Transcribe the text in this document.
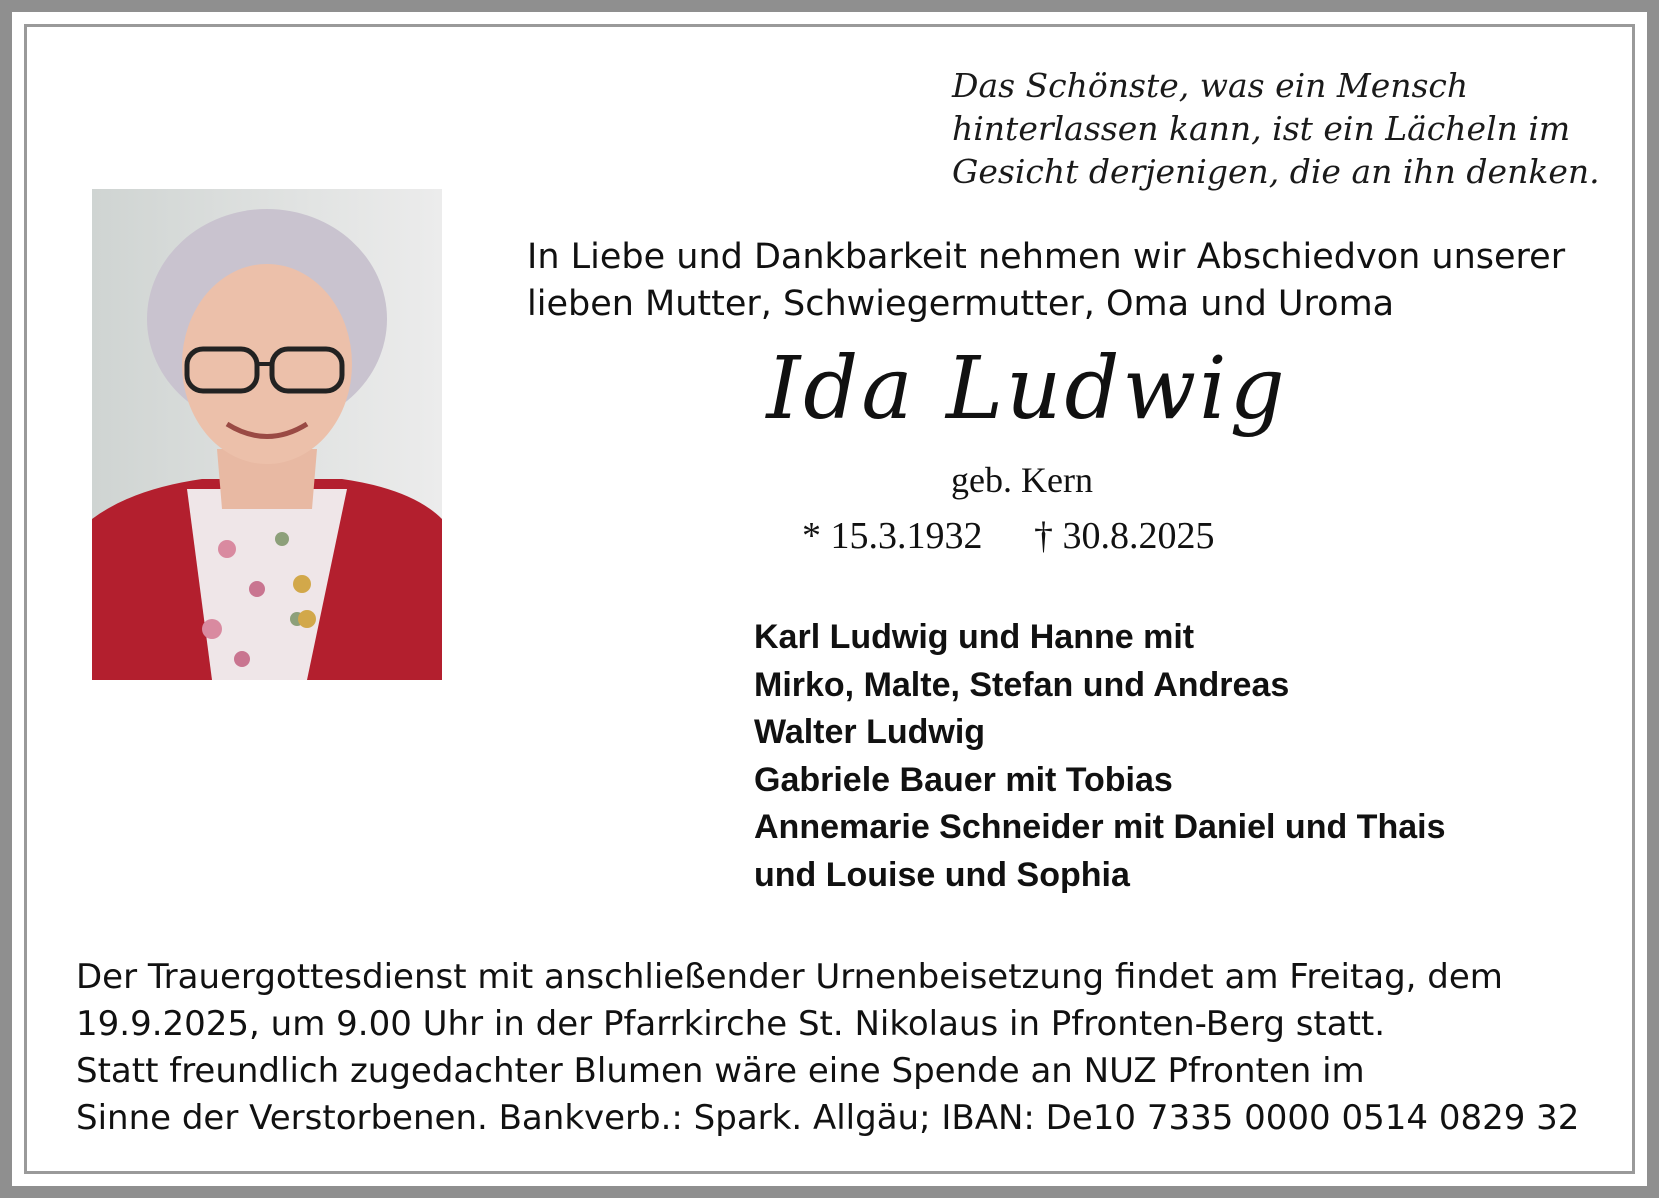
Das Schönste, was ein Mensch
hinterlassen kann, ist ein Lächeln im
Gesicht derjenigen, die an ihn denken.
In Liebe und Dankbarkeit nehmen wir Abschiedvon unserer
lieben Mutter, Schwiegermutter, Oma und Uroma
Ida Ludwig
geb. Kern
* 15.3.1932 † 30.8.2025
Karl Ludwig und Hanne mit
Mirko, Malte, Stefan und Andreas
Walter Ludwig
Gabriele Bauer mit Tobias
Annemarie Schneider mit Daniel und Thais
und Louise und Sophia
Der Trauergottesdienst mit anschließender Urnenbeisetzung findet am Freitag, dem
19.9.2025, um 9.00 Uhr in der Pfarrkirche St. Nikolaus in Pfronten-Berg statt.
Statt freundlich zugedachter Blumen wäre eine Spende an NUZ Pfronten im
Sinne der Verstorbenen. Bankverb.: Spark. Allgäu; IBAN: De10 7335 0000 0514 0829 32
